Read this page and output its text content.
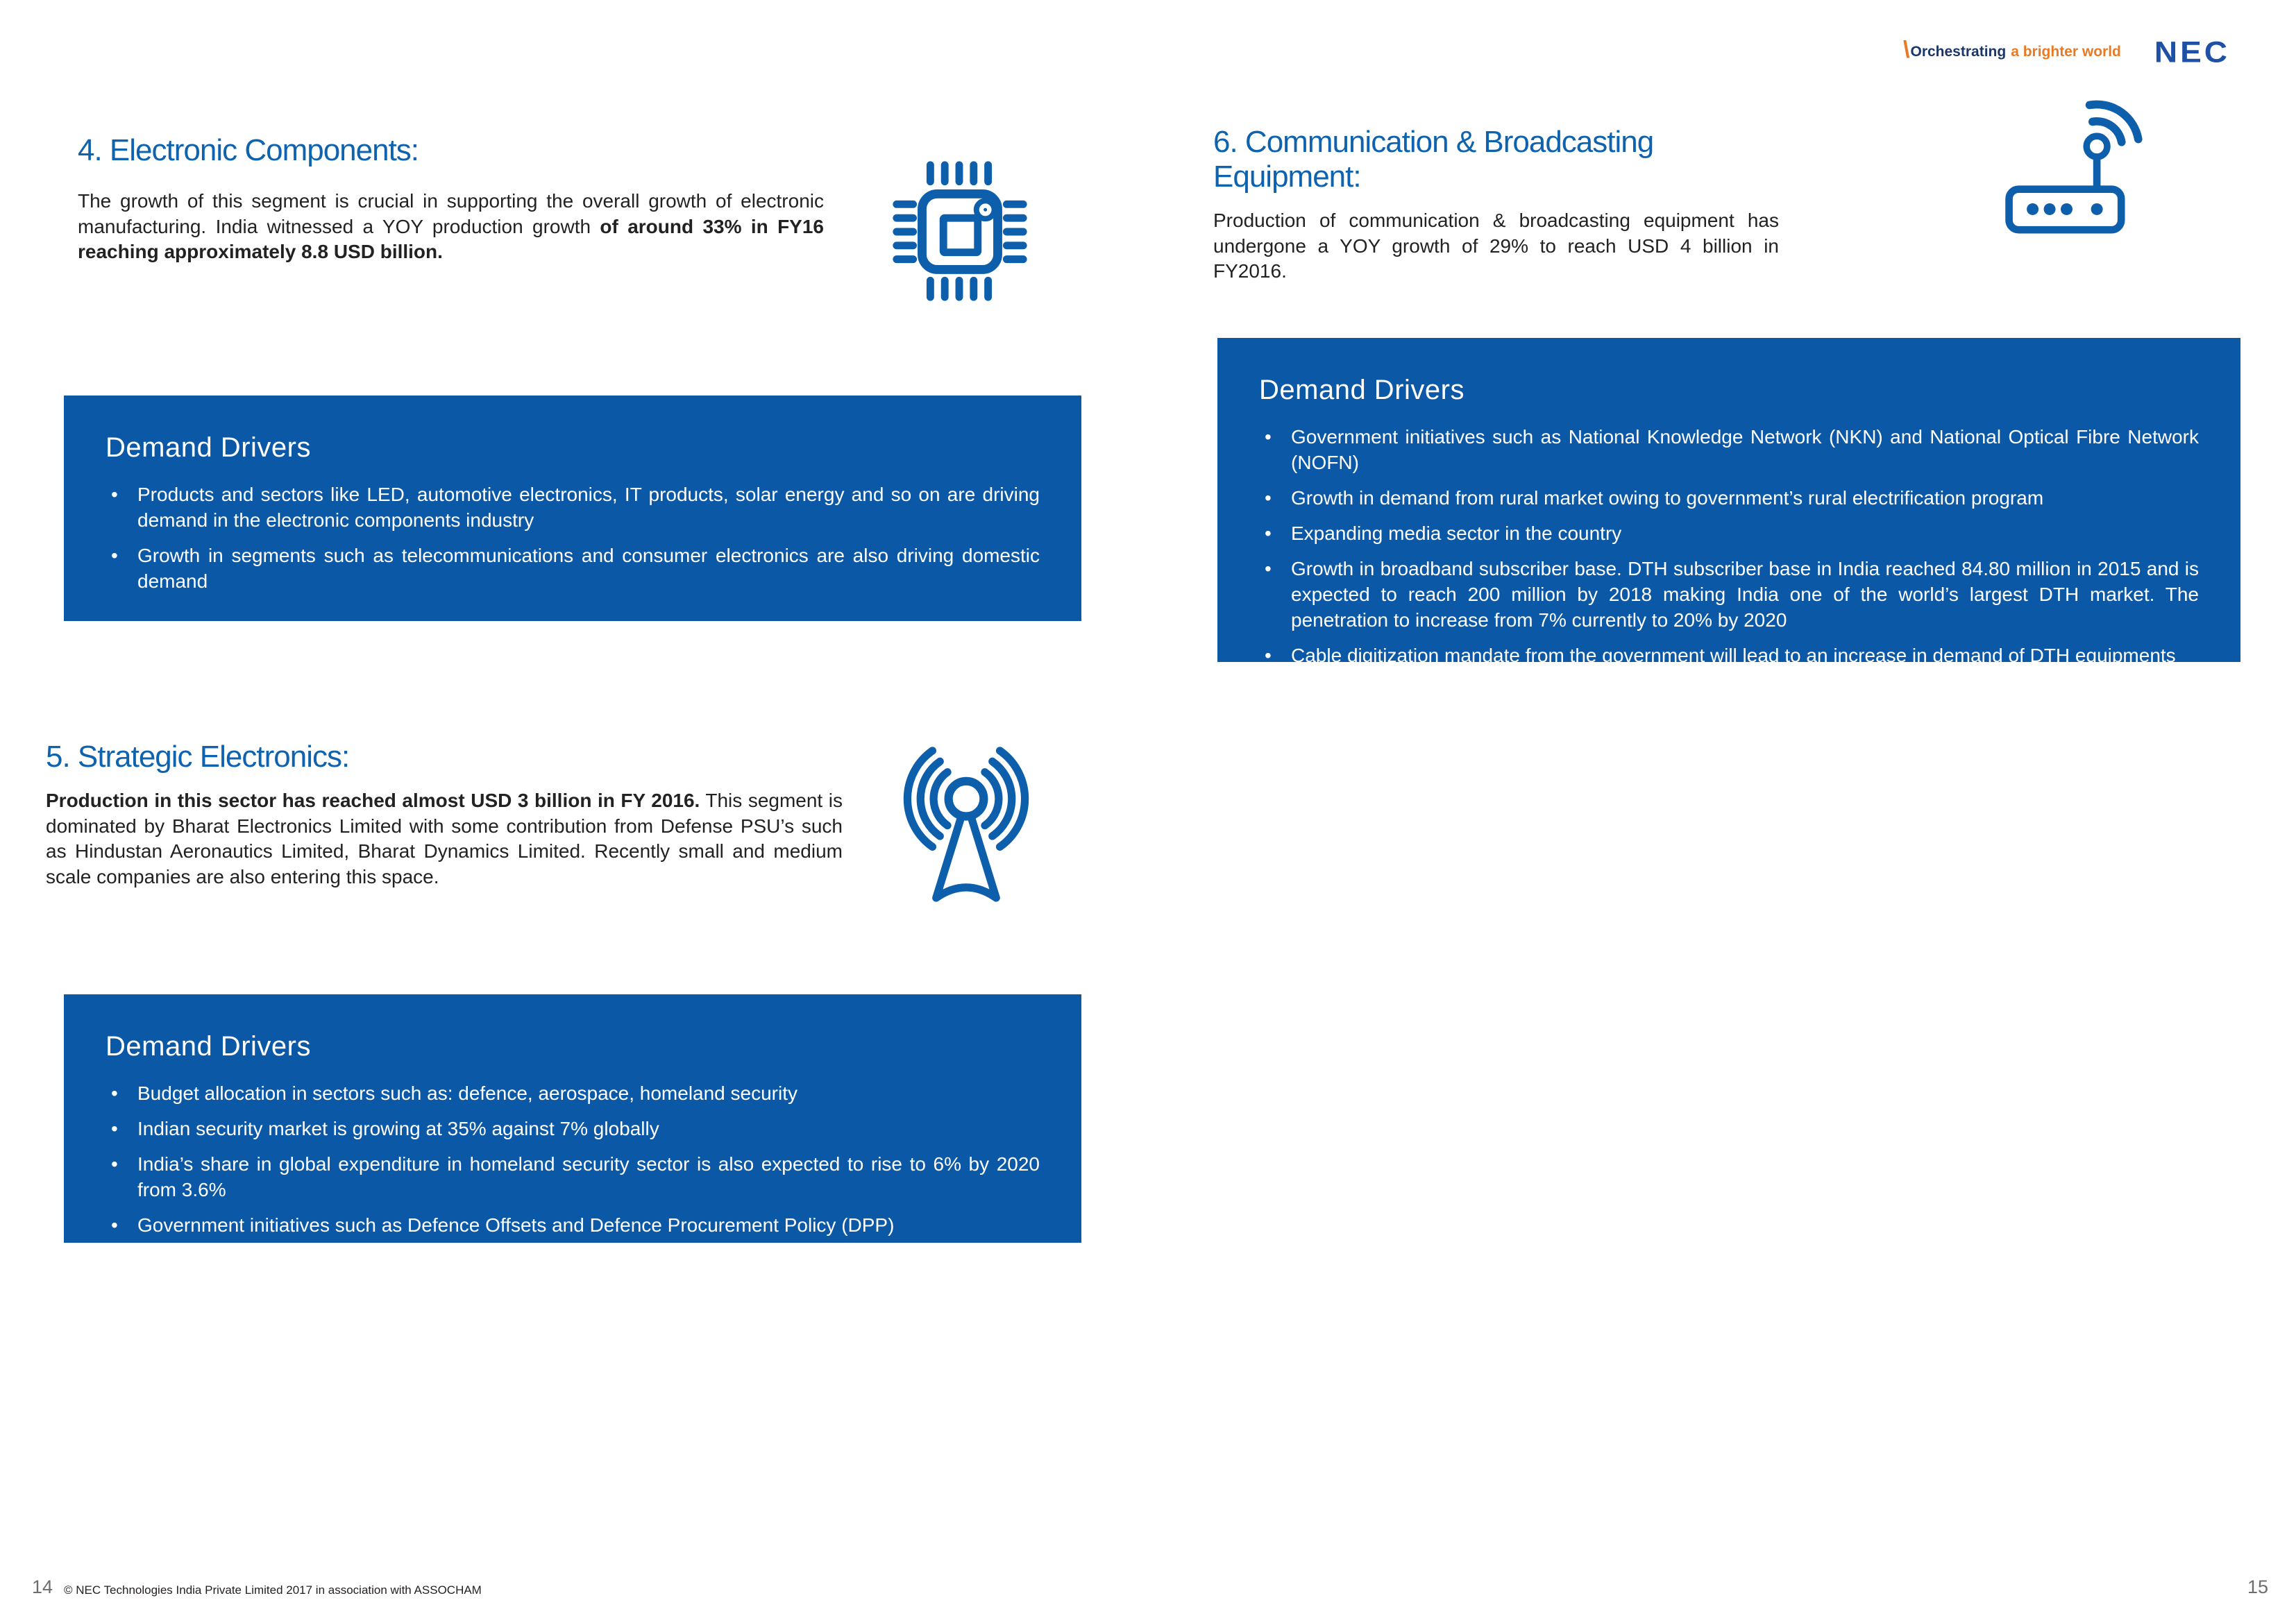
\ Orchestrating a brighter world NEC
4. Electronic Components:

The growth of this segment is crucial in supporting the overall growth of electronic manufacturing. India witnessed a YOY production growth of around 33% in FY16 reaching approximately 8.8 USD billion.

Demand Drivers
• Products and sectors like LED, automotive electronics, IT products, solar energy and so on are driving demand in the electronic components industry
• Growth in segments such as telecommunications and consumer electronics are also driving domestic demand
5. Strategic Electronics:

Production in this sector has reached almost USD 3 billion in FY 2016. This segment is dominated by Bharat Electronics Limited with some contribution from Defense PSU’s such as Hindustan Aeronautics Limited, Bharat Dynamics Limited. Recently small and medium scale companies are also entering this space.

Demand Drivers
• Budget allocation in sectors such as: defence, aerospace, homeland security
• Indian security market is growing at 35% against 7% globally
• India’s share in global expenditure in homeland security sector is also expected to rise to 6% by 2020 from 3.6%
• Government initiatives such as Defence Offsets and Defence Procurement Policy (DPP)
6. Communication & Broadcasting Equipment:

Production of communication & broadcasting equipment has undergone a YOY growth of 29% to reach USD 4 billion in FY2016.

Demand Drivers
• Government initiatives such as National Knowledge Network (NKN) and National Optical Fibre Network (NOFN)
• Growth in demand from rural market owing to government’s rural electrification program
• Expanding media sector in the country
• Growth in broadband subscriber base. DTH subscriber base in India reached 84.80 million in 2015 and is expected to reach 200 million by 2018 making India one of the world’s largest DTH market. The penetration to increase from 7% currently to 20% by 2020
• Cable digitization mandate from the government will lead to an increase in demand of DTH equipments
14 © NEC Technologies India Private Limited 2017 in association with ASSOCHAM	15
